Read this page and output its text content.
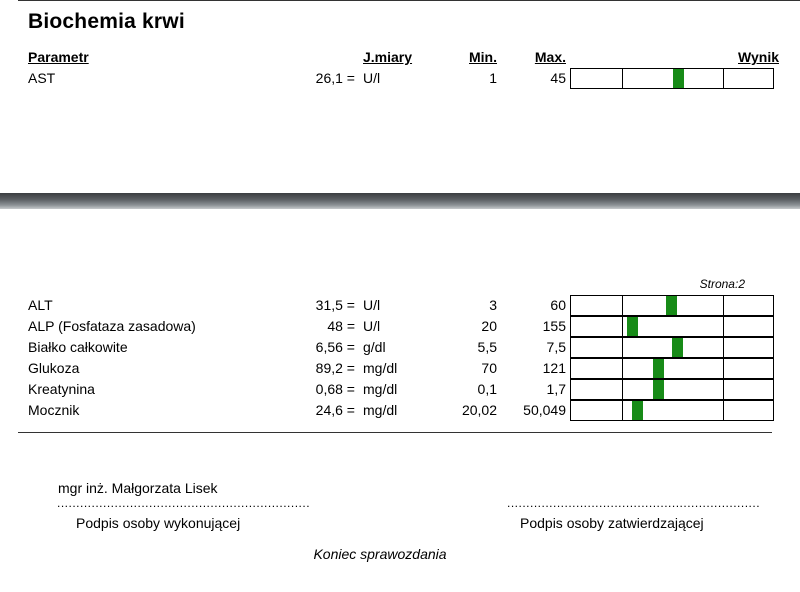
Biochemia krwi
Parametr	J.miary	Min.	Max.	Wynik
AST	26,1 = U/l	1	45
Strona:2
ALT	31,5 = U/l	3	60
ALP (Fosfataza zasadowa)	48 = U/l	20	155
Białko całkowite	6,56 = g/dl	5,5	7,5
Glukoza	89,2 = mg/dl	70	121
Kreatynina	0,68 = mg/dl	0,1	1,7
Mocznik	24,6 = mg/dl	20,02	50,049
mgr inż. Małgorzata Lisek
..................................................................	..................................................................
Podpis osoby wykonującej	Podpis osoby zatwierdzającej
Koniec sprawozdania
